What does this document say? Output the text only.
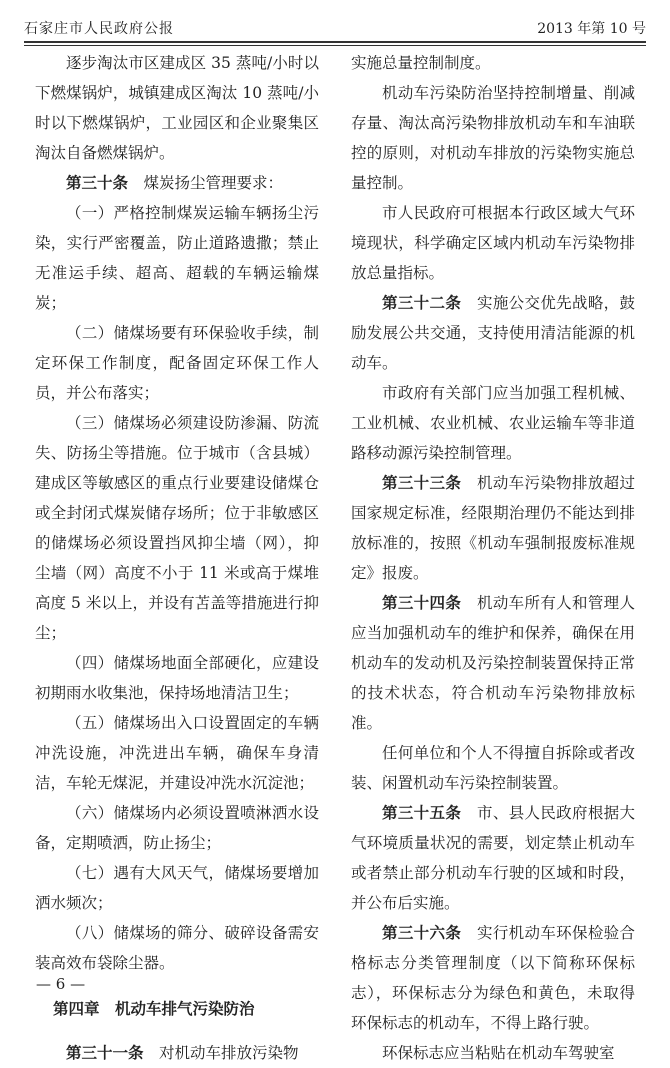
石家庄市人民政府公报	2013 年第 10 号

逐步淘汰市区建成区 35 蒸吨/小时以下燃煤锅炉，城镇建成区淘汰 10 蒸吨/小时以下燃煤锅炉，工业园区和企业聚集区淘汰自备燃煤锅炉。

第三十条　煤炭扬尘管理要求：

（一）严格控制煤炭运输车辆扬尘污染，实行严密覆盖，防止道路遗撒；禁止无准运手续、超高、超载的车辆运输煤炭；

（二）储煤场要有环保验收手续，制定环保工作制度，配备固定环保工作人员，并公布落实；

（三）储煤场必须建设防渗漏、防流失、防扬尘等措施。位于城市（含县城）建成区等敏感区的重点行业要建设储煤仓或全封闭式煤炭储存场所；位于非敏感区的储煤场必须设置挡风抑尘墙（网），抑尘墙（网）高度不小于 11 米或高于煤堆高度 5 米以上，并设有苫盖等措施进行抑尘；

（四）储煤场地面全部硬化，应建设初期雨水收集池，保持场地清洁卫生；

（五）储煤场出入口设置固定的车辆冲洗设施，冲洗进出车辆，确保车身清洁，车轮无煤泥，并建设冲洗水沉淀池；

（六）储煤场内必须设置喷淋洒水设备，定期喷洒，防止扬尘；

（七）遇有大风天气，储煤场要增加洒水频次；

（八）储煤场的筛分、破碎设备需安装高效布袋除尘器。

第四章　机动车排气污染防治

第三十一条　对机动车排放污染物

实施总量控制制度。

机动车污染防治坚持控制增量、削减存量、淘汰高污染物排放机动车和车油联控的原则，对机动车排放的污染物实施总量控制。

市人民政府可根据本行政区域大气环境现状，科学确定区域内机动车污染物排放总量指标。

第三十二条　实施公交优先战略，鼓励发展公共交通，支持使用清洁能源的机动车。

市政府有关部门应当加强工程机械、工业机械、农业机械、农业运输车等非道路移动源污染控制管理。

第三十三条　机动车污染物排放超过国家规定标准，经限期治理仍不能达到排放标准的，按照《机动车强制报废标准规定》报废。

第三十四条　机动车所有人和管理人应当加强机动车的维护和保养，确保在用机动车的发动机及污染控制装置保持正常的技术状态，符合机动车污染物排放标准。

任何单位和个人不得擅自拆除或者改装、闲置机动车污染控制装置。

第三十五条　市、县人民政府根据大气环境质量状况的需要，划定禁止机动车或者禁止部分机动车行驶的区域和时段，并公布后实施。

第三十六条　实行机动车环保检验合格标志分类管理制度（以下简称环保标志），环保标志分为绿色和黄色，未取得环保标志的机动车，不得上路行驶。

环保标志应当粘贴在机动车驾驶室

— 6 —
